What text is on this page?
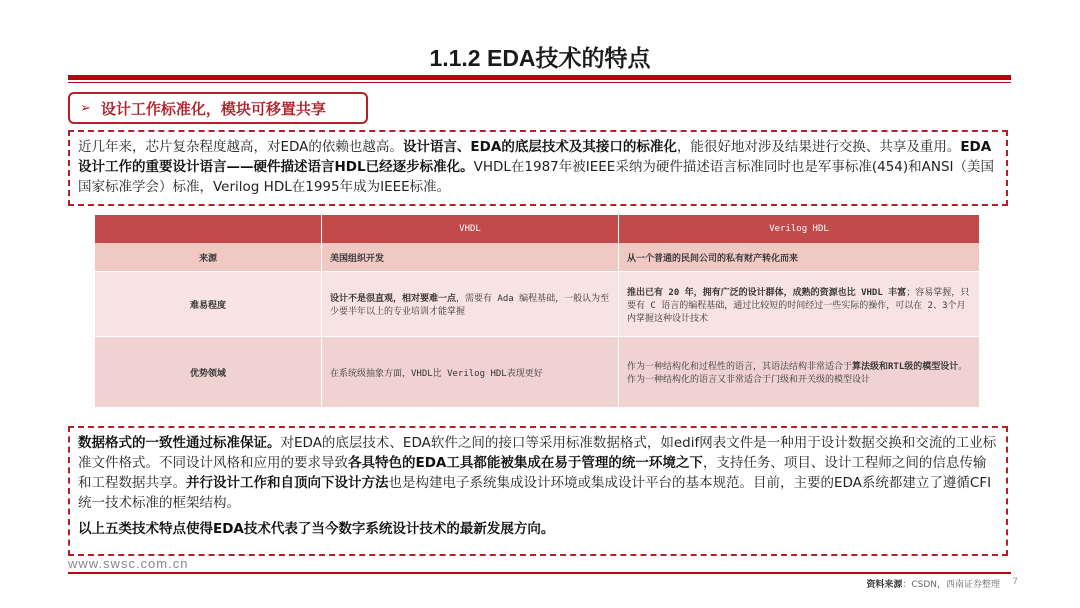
1.1.2 EDA技术的特点
➢ 设计工作标准化，模块可移置共享
近几年来，芯片复杂程度越高，对EDA的依赖也越高。设计语言、EDA的底层技术及其接口的标准化，能很好地对涉及结果进行交换、共享及重用。EDA设计工作的重要设计语言——硬件描述语言HDL已经逐步标准化。VHDL在1987年被IEEE采纳为硬件描述语言标准同时也是军事标准(454)和ANSI（美国国家标准学会）标准，Verilog HDL在1995年成为IEEE标准。
	VHDL	Verilog HDL
来源	美国组织开发	从一个普通的民间公司的私有财产转化而来
难易程度	设计不是很直观，相对要难一点，需要有 Ada 编程基础，一般认为至少要半年以上的专业培训才能掌握	推出已有 20 年，拥有广泛的设计群体，成熟的资源也比 VHDL 丰富；容易掌握，只要有 C 语言的编程基础，通过比较短的时间经过一些实际的操作，可以在 2、3个月内掌握这种设计技术
优势领域	在系统级抽象方面，VHDL比 Verilog HDL表现更好	作为一种结构化和过程性的语言，其语法结构非常适合于算法级和RTL级的模型设计。作为一种结构化的语言又非常适合于门级和开关级的模型设计
数据格式的一致性通过标准保证。对EDA的底层技术、EDA软件之间的接口等采用标准数据格式，如edif网表文件是一种用于设计数据交换和交流的工业标准文件格式。不同设计风格和应用的要求导致各具特色的EDA工具都能被集成在易于管理的统一环境之下，支持任务、项目、设计工程师之间的信息传输和工程数据共享。并行设计工作和自顶向下设计方法也是构建电子系统集成设计环境或集成设计平台的基本规范。目前，主要的EDA系统都建立了遵循CFI统一技术标准的框架结构。
以上五类技术特点使得EDA技术代表了当今数字系统设计技术的最新发展方向。
www.swsc.com.cn
资料来源：CSDN，西南证券整理 7
